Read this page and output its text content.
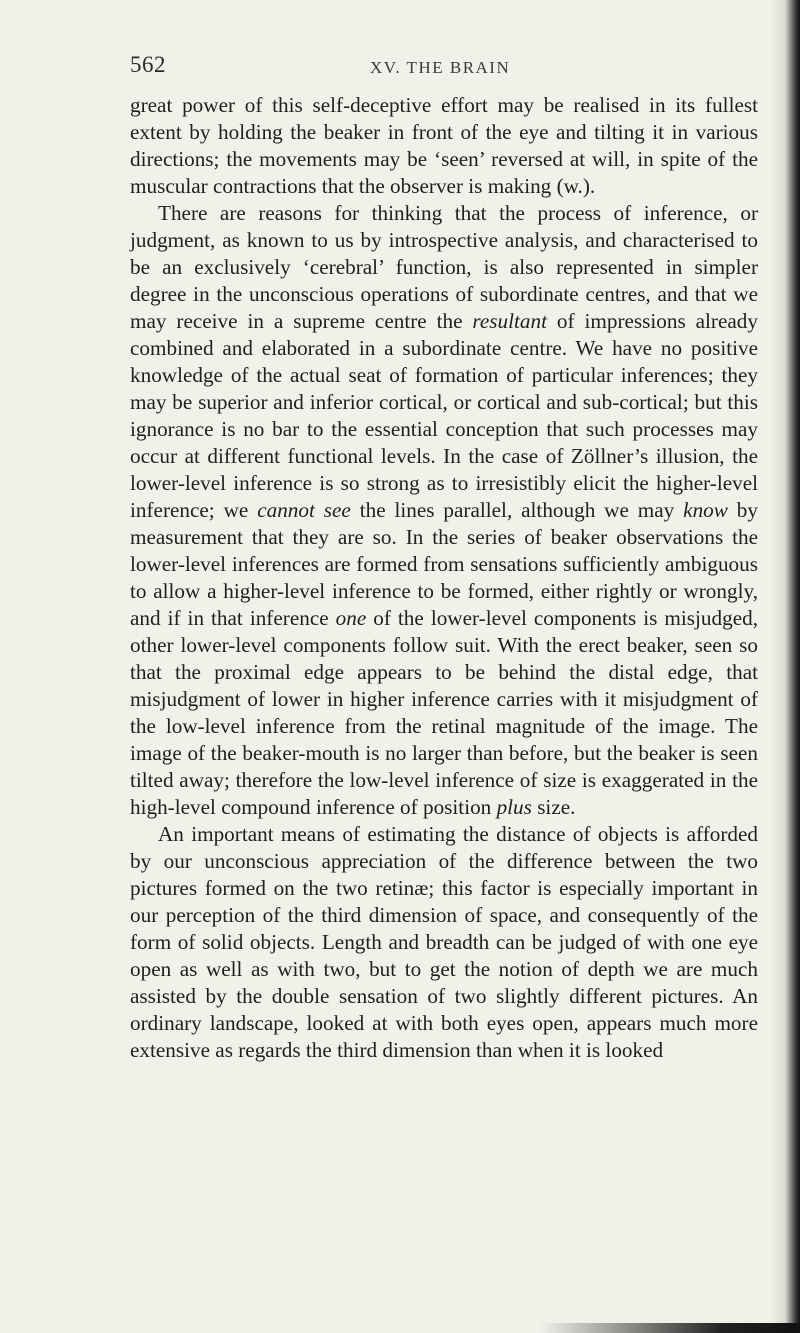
562	XV. THE BRAIN

great power of this self-deceptive effort may be realised in its fullest extent by holding the beaker in front of the eye and tilting it in various directions; the movements may be ‘seen’ reversed at will, in spite of the muscular contractions that the observer is making (w.).

There are reasons for thinking that the process of inference, or judgment, as known to us by introspective analysis, and characterised to be an exclusively ‘cerebral’ function, is also represented in simpler degree in the unconscious operations of subordinate centres, and that we may receive in a supreme centre the resultant of impressions already combined and elaborated in a subordinate centre. We have no positive knowledge of the actual seat of formation of particular inferences; they may be superior and inferior cortical, or cortical and sub-cortical; but this ignorance is no bar to the essential conception that such processes may occur at different functional levels. In the case of Zöllner’s illusion, the lower-level inference is so strong as to irresistibly elicit the higher-level inference; we cannot see the lines parallel, although we may know by measurement that they are so. In the series of beaker observations the lower-level inferences are formed from sensations sufficiently ambiguous to allow a higher-level inference to be formed, either rightly or wrongly, and if in that inference one of the lower-level components is misjudged, other lower-level components follow suit. With the erect beaker, seen so that the proximal edge appears to be behind the distal edge, that misjudgment of lower in higher inference carries with it misjudgment of the low-level inference from the retinal magnitude of the image. The image of the beaker-mouth is no larger than before, but the beaker is seen tilted away; therefore the low-level inference of size is exaggerated in the high-level compound inference of position plus size.

An important means of estimating the distance of objects is afforded by our unconscious appreciation of the difference between the two pictures formed on the two retinæ; this factor is especially important in our perception of the third dimension of space, and consequently of the form of solid objects. Length and breadth can be judged of with one eye open as well as with two, but to get the notion of depth we are much assisted by the double sensation of two slightly different pictures. An ordinary landscape, looked at with both eyes open, appears much more extensive as regards the third dimension than when it is looked
